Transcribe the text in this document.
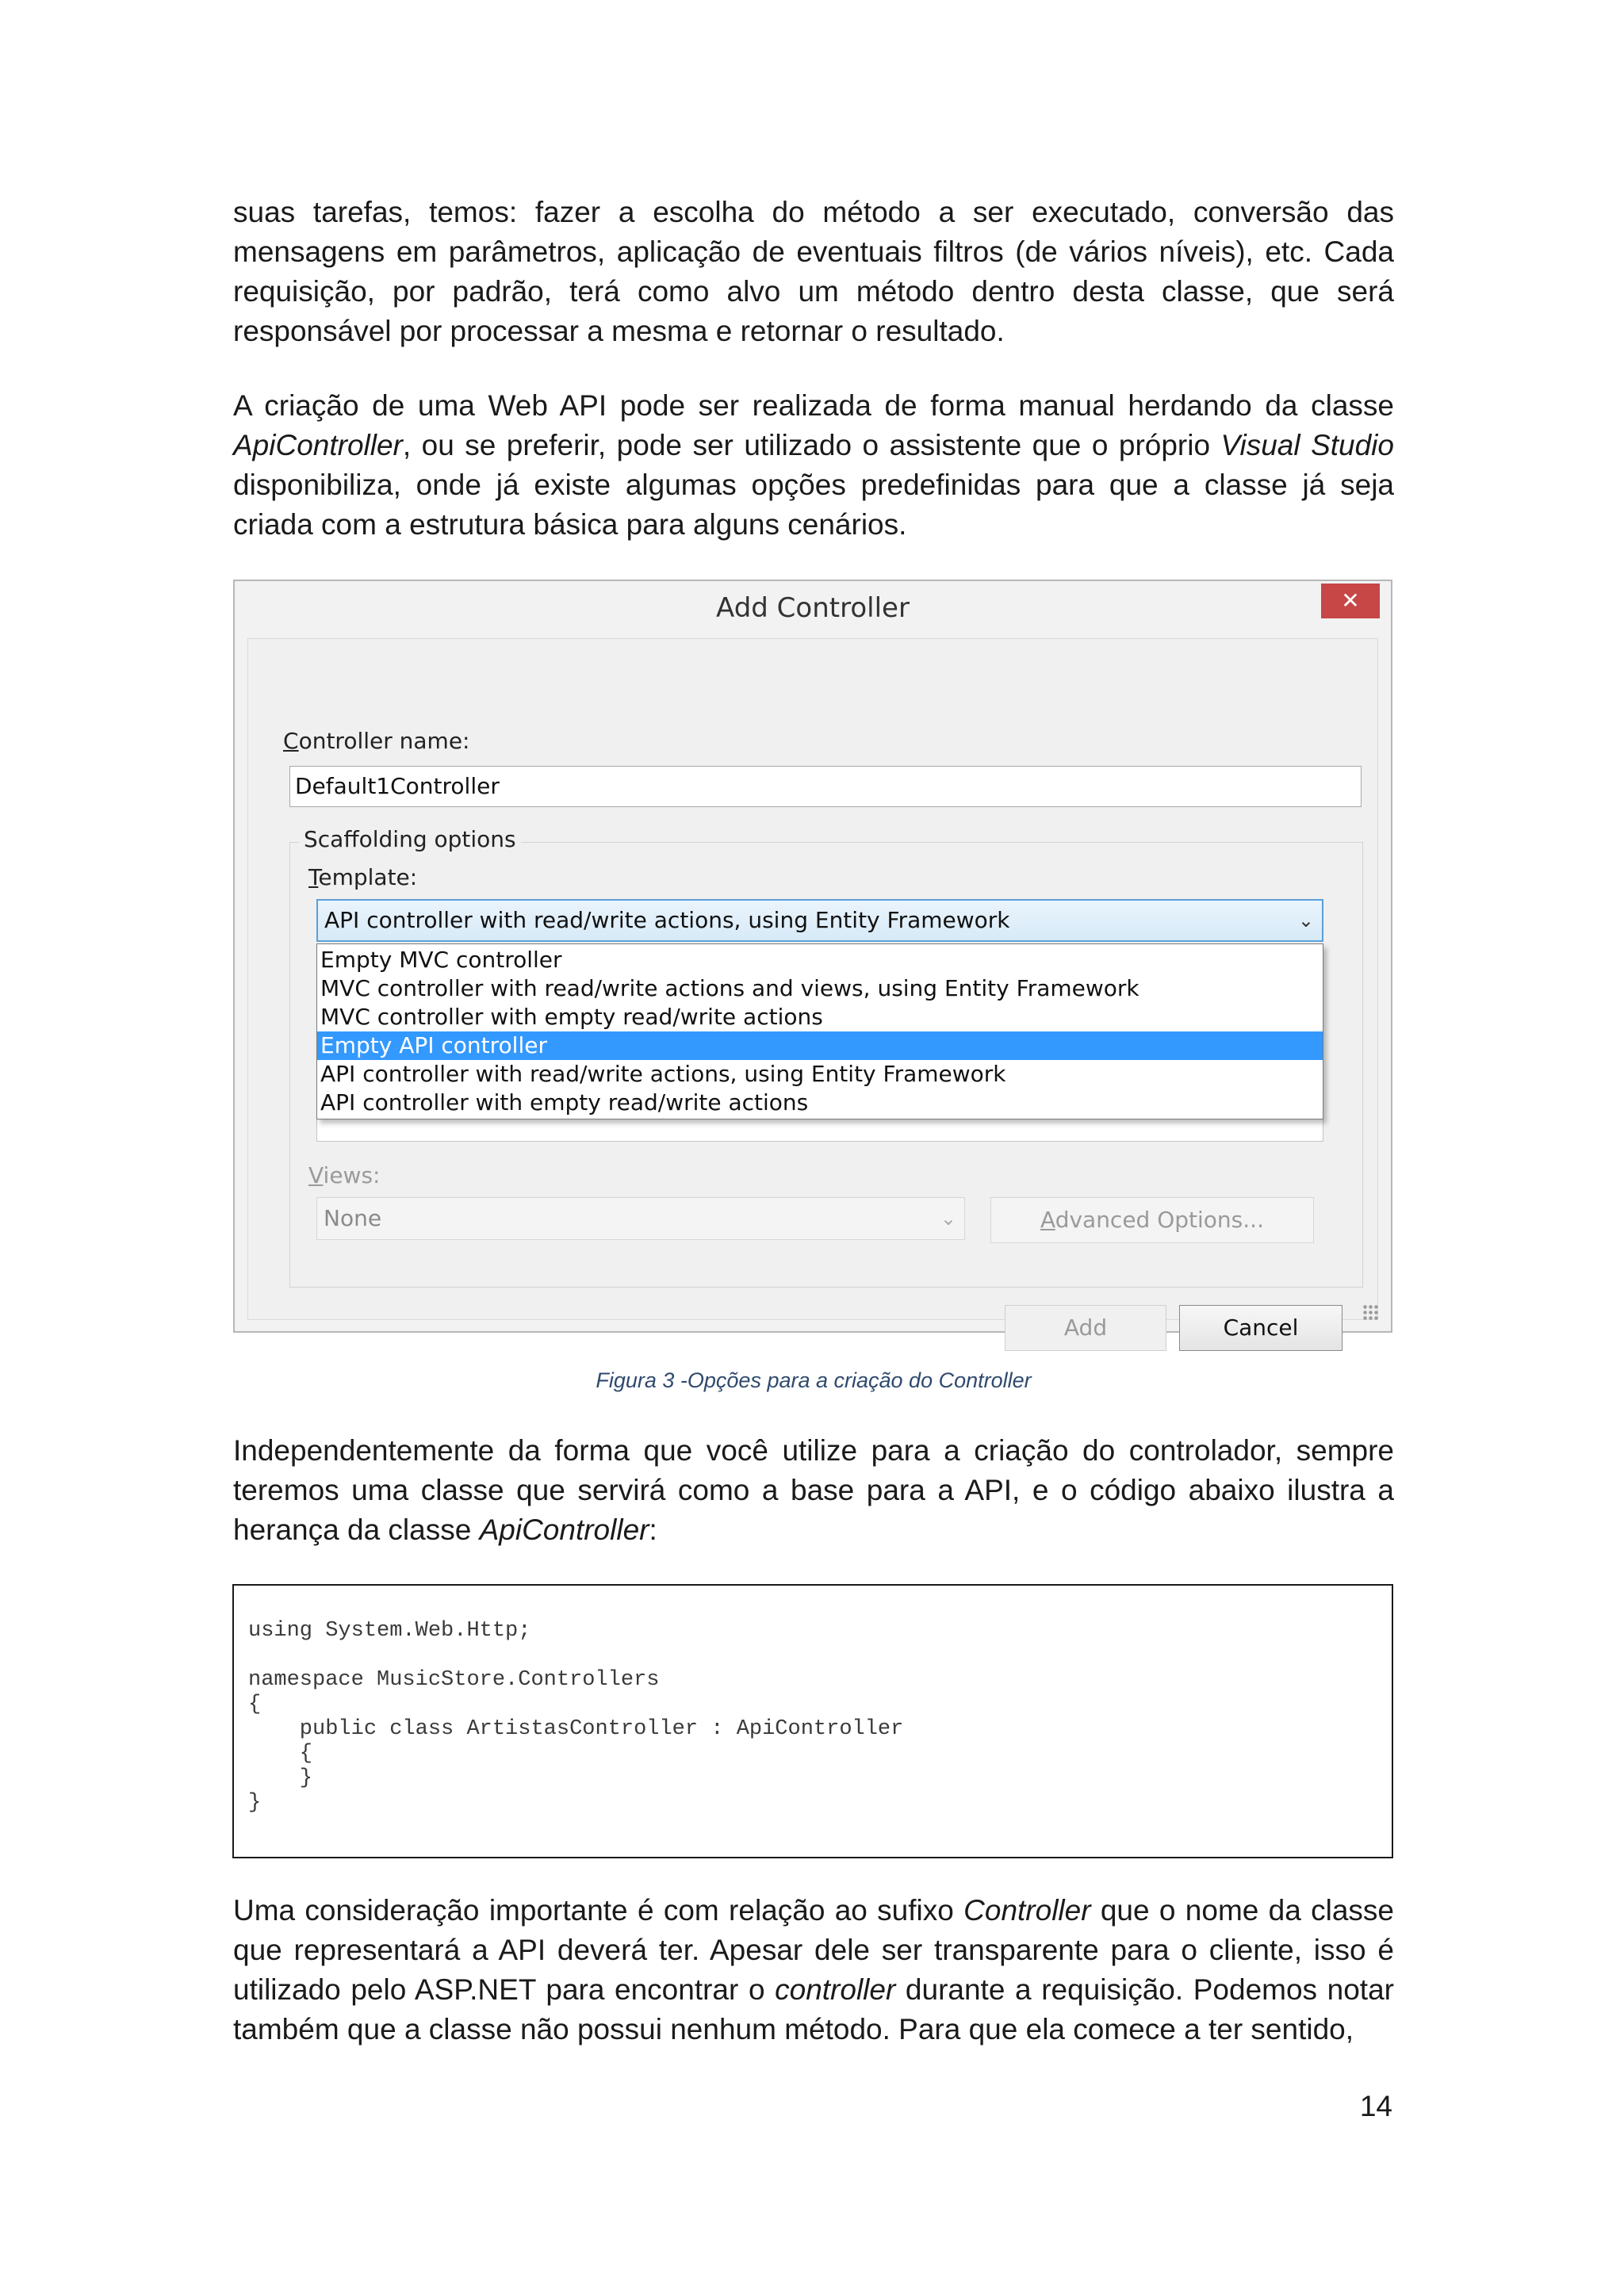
suas tarefas, temos: fazer a escolha do método a ser executado, conversão das mensagens em parâmetros, aplicação de eventuais filtros (de vários níveis), etc. Cada requisição, por padrão, terá como alvo um método dentro desta classe, que será responsável por processar a mesma e retornar o resultado.

A criação de uma Web API pode ser realizada de forma manual herdando da classe ApiController, ou se preferir, pode ser utilizado o assistente que o próprio Visual Studio disponibiliza, onde já existe algumas opções predefinidas para que a classe já seja criada com a estrutura básica para alguns cenários.

Add Controller	✕
Controller name:
Default1Controller
Scaffolding options
Template:
API controller with read/write actions, using Entity Framework	⌄
Empty MVC controller
MVC controller with read/write actions and views, using Entity Framework
MVC controller with empty read/write actions
Empty API controller
API controller with read/write actions, using Entity Framework
API controller with empty read/write actions
Views:
None	⌄	Advanced Options...
Add	Cancel
Figura 3 -Opções para a criação do Controller

Independentemente da forma que você utilize para a criação do controlador, sempre teremos uma classe que servirá como a base para a API, e o código abaixo ilustra a herança da classe ApiController:

using System.Web.Http;

namespace MusicStore.Controllers
{
public class ArtistasController : ApiController
{
}
}

Uma consideração importante é com relação ao sufixo Controller que o nome da classe que representará a API deverá ter. Apesar dele ser transparente para o cliente, isso é utilizado pelo ASP.NET para encontrar o controller durante a requisição. Podemos notar também que a classe não possui nenhum método. Para que ela comece a ter sentido,

14
